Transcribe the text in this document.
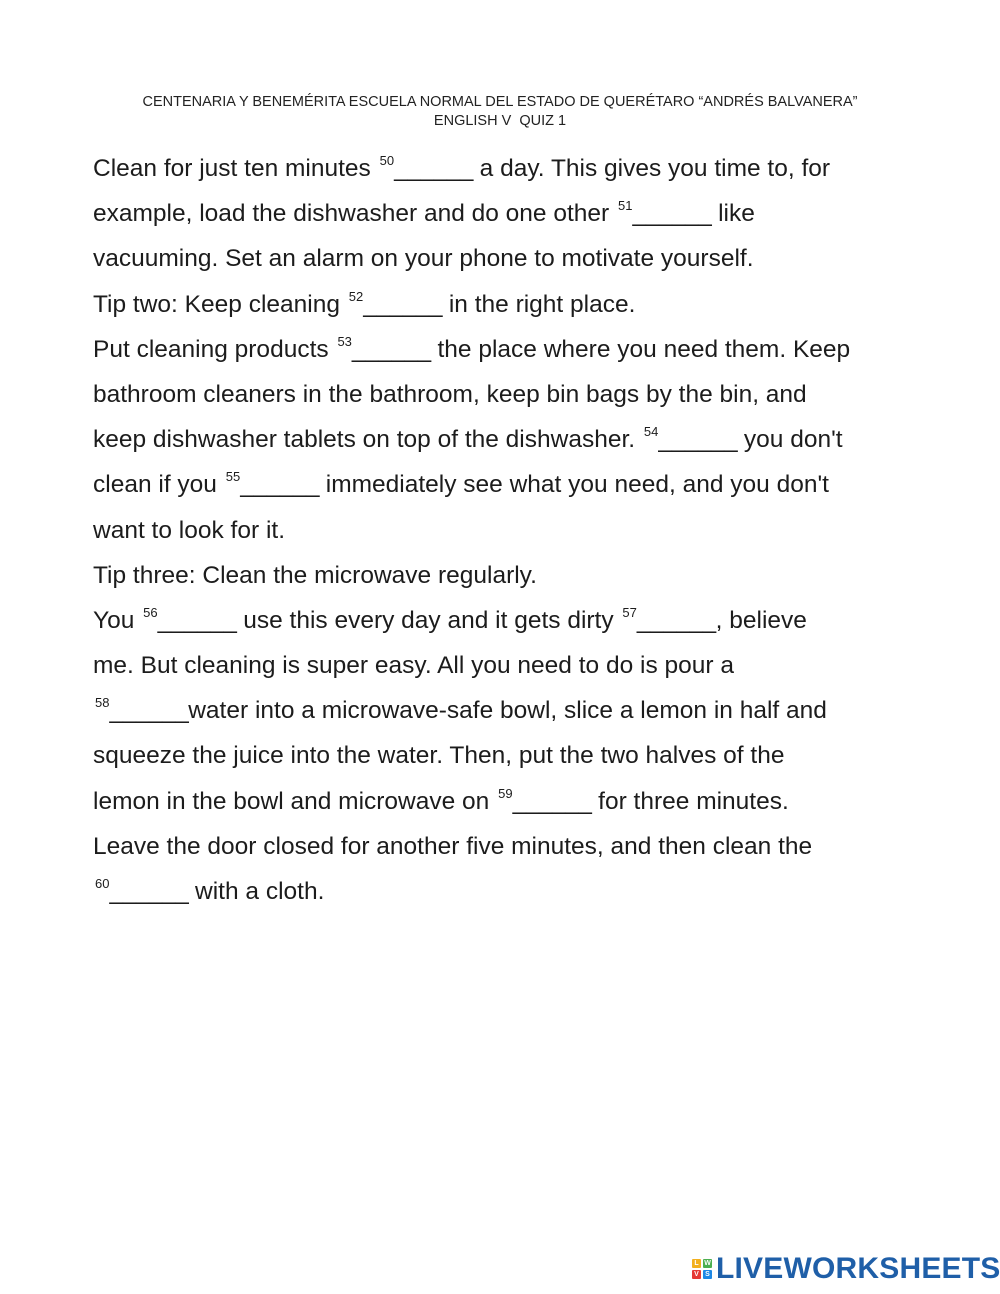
CENTENARIA Y BENEMÉRITA ESCUELA NORMAL DEL ESTADO DE QUERÉTARO “ANDRÉS BALVANERA”
ENGLISH V  QUIZ 1
Clean for just ten minutes $^{50}$______ a day. This gives you time to, for
example, load the dishwasher and do one other $^{51}$______ like
vacuuming. Set an alarm on your phone to motivate yourself.
Tip two: Keep cleaning $^{52}$______ in the right place.
Put cleaning products $^{53}$______ the place where you need them. Keep
bathroom cleaners in the bathroom, keep bin bags by the bin, and
keep dishwasher tablets on top of the dishwasher. $^{54}$______ you don't
clean if you $^{55}$______ immediately see what you need, and you don't
want to look for it.
Tip three: Clean the microwave regularly.
You $^{56}$______ use this every day and it gets dirty $^{57}$______, believe
me. But cleaning is super easy. All you need to do is pour a
$^{58}$______water into a microwave-safe bowl, slice a lemon in half and
squeeze the juice into the water. Then, put the two halves of the
lemon in the bowl and microwave on $^{59}$______ for three minutes.
Leave the door closed for another five minutes, and then clean the
$^{60}$______ with a cloth.
L W
V S LIVEWORKSHEETS
